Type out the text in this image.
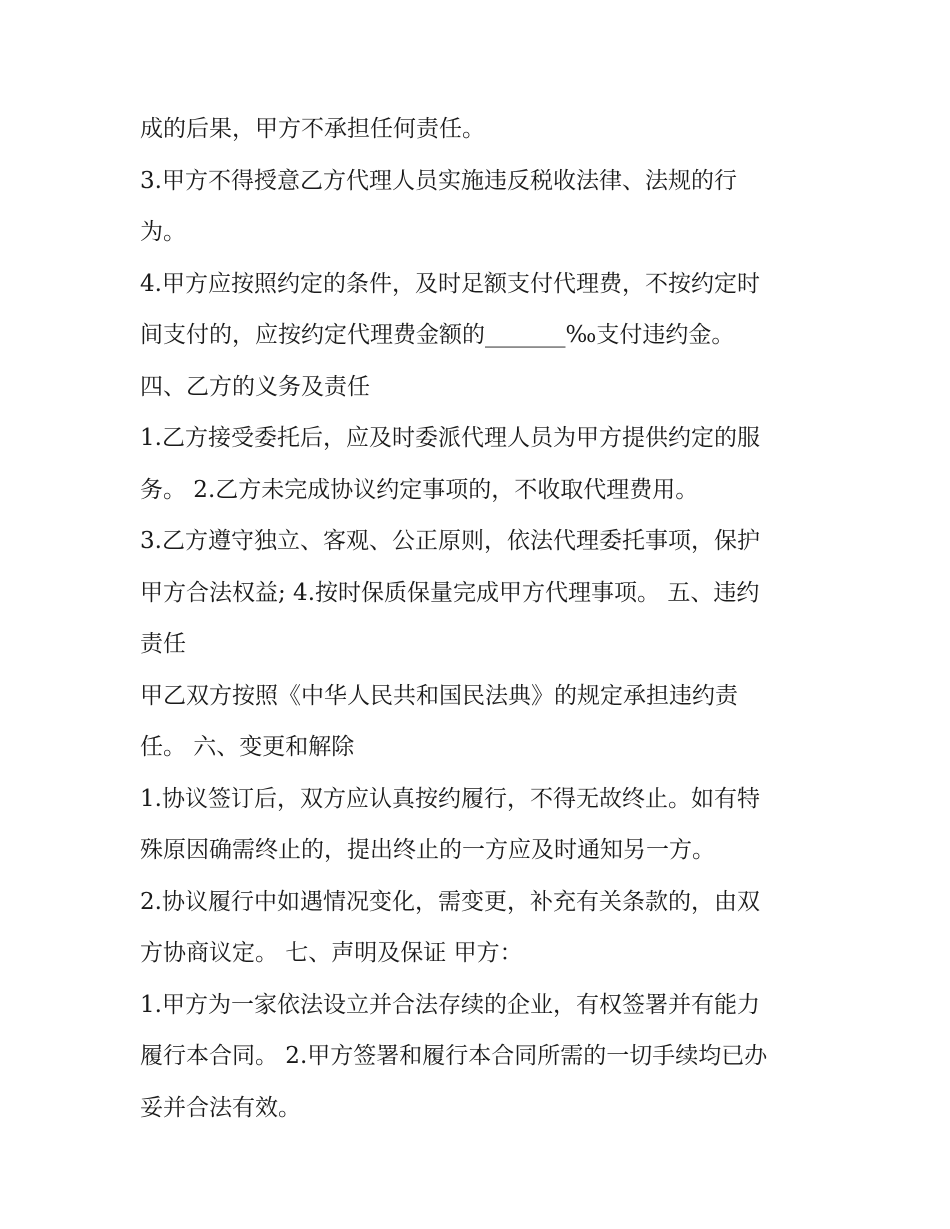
成的后果，甲方不承担任何责任。
3.甲方不得授意乙方代理人员实施违反税收法律、法规的行
为。
4.甲方应按照约定的条件，及时足额支付代理费，不按约定时
间支付的，应按约定代理费金额的_______‰支付违约金。
四、乙方的义务及责任
1.乙方接受委托后，应及时委派代理人员为甲方提供约定的服
务。 2.乙方未完成协议约定事项的，不收取代理费用。
3.乙方遵守独立、客观、公正原则，依法代理委托事项，保护
甲方合法权益; 4.按时保质保量完成甲方代理事项。 五、违约
责任
甲乙双方按照《中华人民共和国民法典》的规定承担违约责
任。 六、变更和解除
1.协议签订后，双方应认真按约履行，不得无故终止。如有特
殊原因确需终止的，提出终止的一方应及时通知另一方。
2.协议履行中如遇情况变化，需变更，补充有关条款的，由双
方协商议定。 七、声明及保证 甲方：
1.甲方为一家依法设立并合法存续的企业，有权签署并有能力
履行本合同。 2.甲方签署和履行本合同所需的一切手续均已办
妥并合法有效。
